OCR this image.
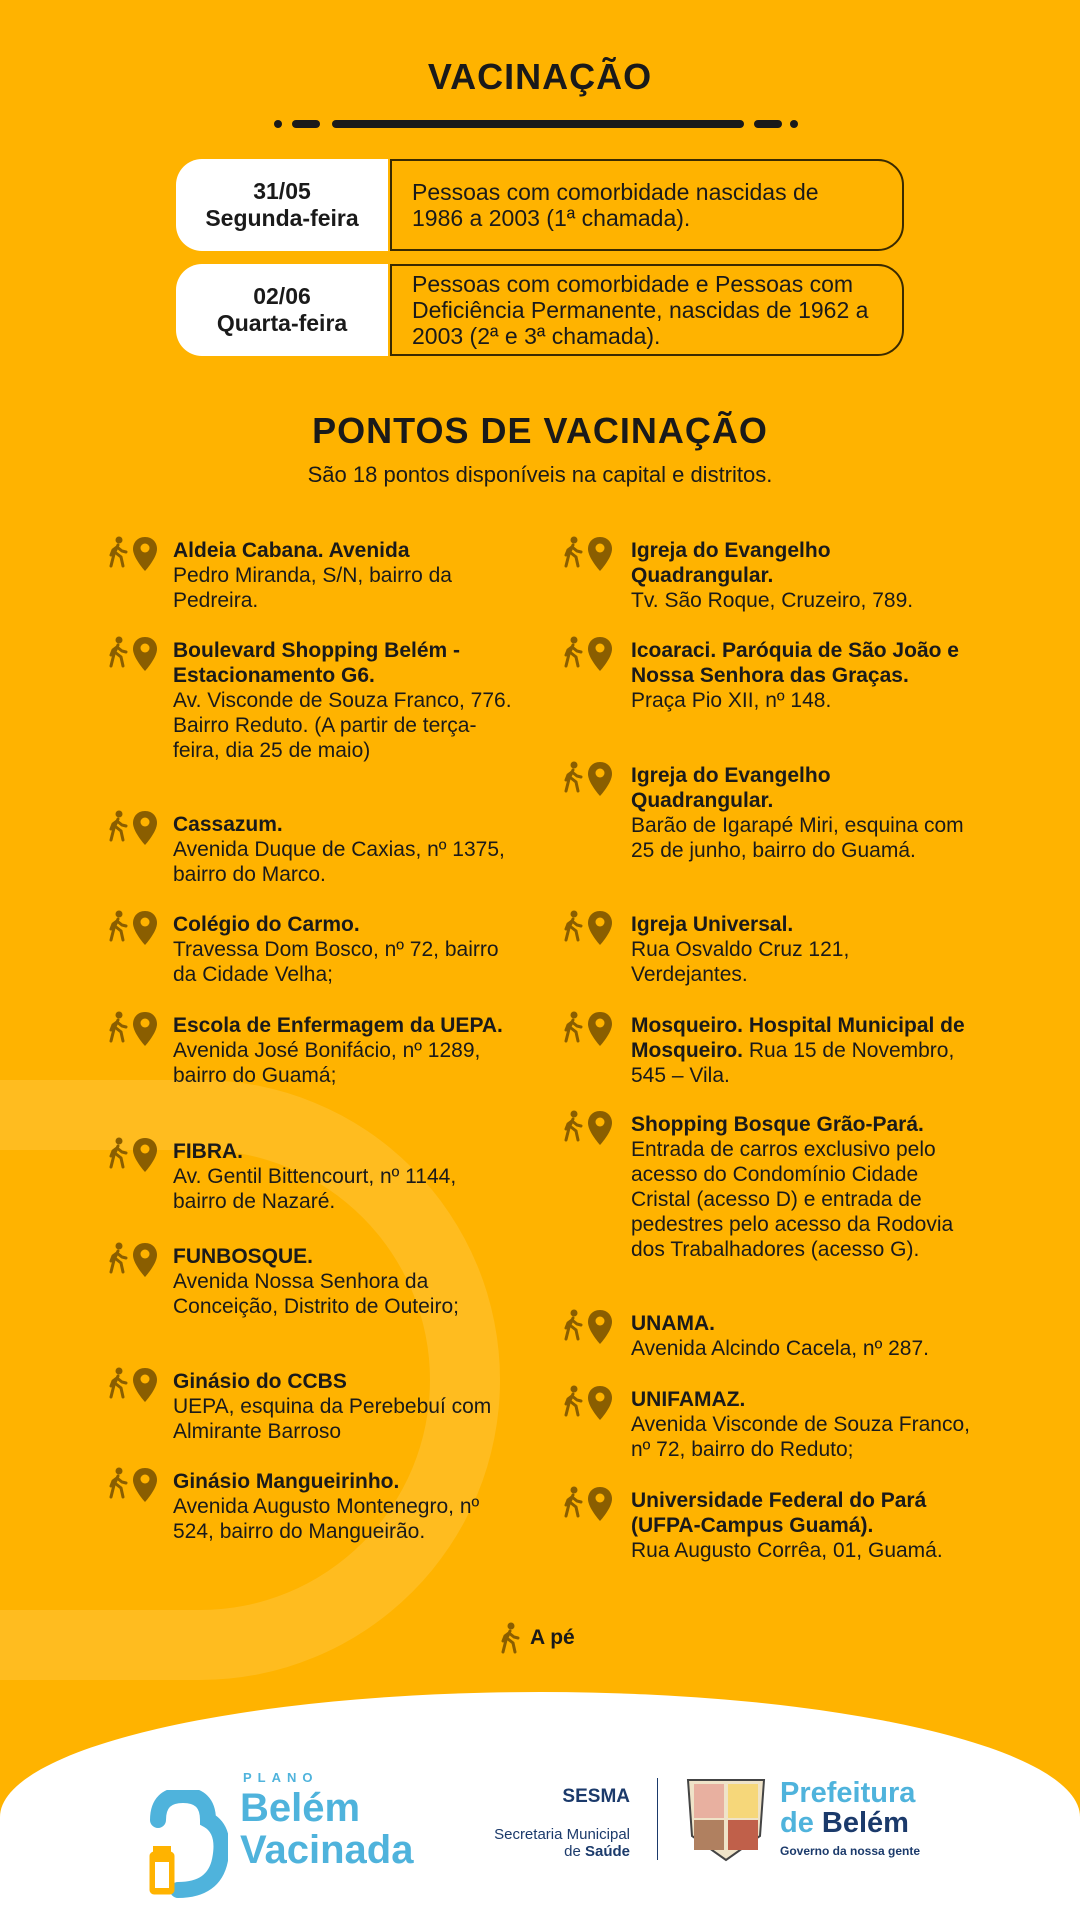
VACINAÇÃO
31/05
Segunda-feira
Pessoas com comorbidade nascidas de 1986 a 2003 (1ª chamada).
02/06
Quarta-feira
Pessoas com comorbidade e Pessoas com Deficiência Permanente, nascidas de 1962 a 2003 (2ª e 3ª chamada).
PONTOS DE VACINAÇÃO
São 18 pontos disponíveis na capital e distritos.
Aldeia Cabana. Avenida
Pedro Miranda, S/N, bairro da Pedreira.
Boulevard Shopping Belém - Estacionamento G6.
Av. Visconde de Souza Franco, 776. Bairro Reduto. (A partir de terça-feira, dia 25 de maio)
Cassazum.
Avenida Duque de Caxias, nº 1375, bairro do Marco.
Colégio do Carmo.
Travessa Dom Bosco, nº 72, bairro da Cidade Velha;
Escola de Enfermagem da UEPA.
Avenida José Bonifácio, nº 1289, bairro do Guamá;
FIBRA.
Av. Gentil Bittencourt, nº 1144, bairro de Nazaré.
FUNBOSQUE.
Avenida Nossa Senhora da Conceição, Distrito de Outeiro;
Ginásio do CCBS
UEPA, esquina da Perebebuí com Almirante Barroso
Ginásio Mangueirinho.
Avenida Augusto Montenegro, nº 524, bairro do Mangueirão.
Igreja do Evangelho Quadrangular.
Tv. São Roque, Cruzeiro, 789.
Icoaraci. Paróquia de São João e Nossa Senhora das Graças.
Praça Pio XII, nº 148.
Igreja do Evangelho Quadrangular.
Barão de Igarapé Miri, esquina com 25 de junho, bairro do Guamá.
Igreja Universal.
Rua Osvaldo Cruz 121, Verdejantes.
Mosqueiro. Hospital Municipal de Mosqueiro. Rua 15 de Novembro, 545 – Vila.
Shopping Bosque Grão-Pará.
Entrada de carros exclusivo pelo acesso do Condomínio Cidade Cristal (acesso D) e entrada de pedestres pelo acesso da Rodovia dos Trabalhadores (acesso G).
UNAMA.
Avenida Alcindo Cacela, nº 287.
UNIFAMAZ.
Avenida Visconde de Souza Franco, nº 72, bairro do Reduto;
Universidade Federal do Pará (UFPA-Campus Guamá).
Rua Augusto Corrêa, 01, Guamá.
A pé
PLANO
Belém
Vacinada
SESMA
Secretaria Municipal
de Saúde
Prefeitura
de Belém
Governo da nossa gente
